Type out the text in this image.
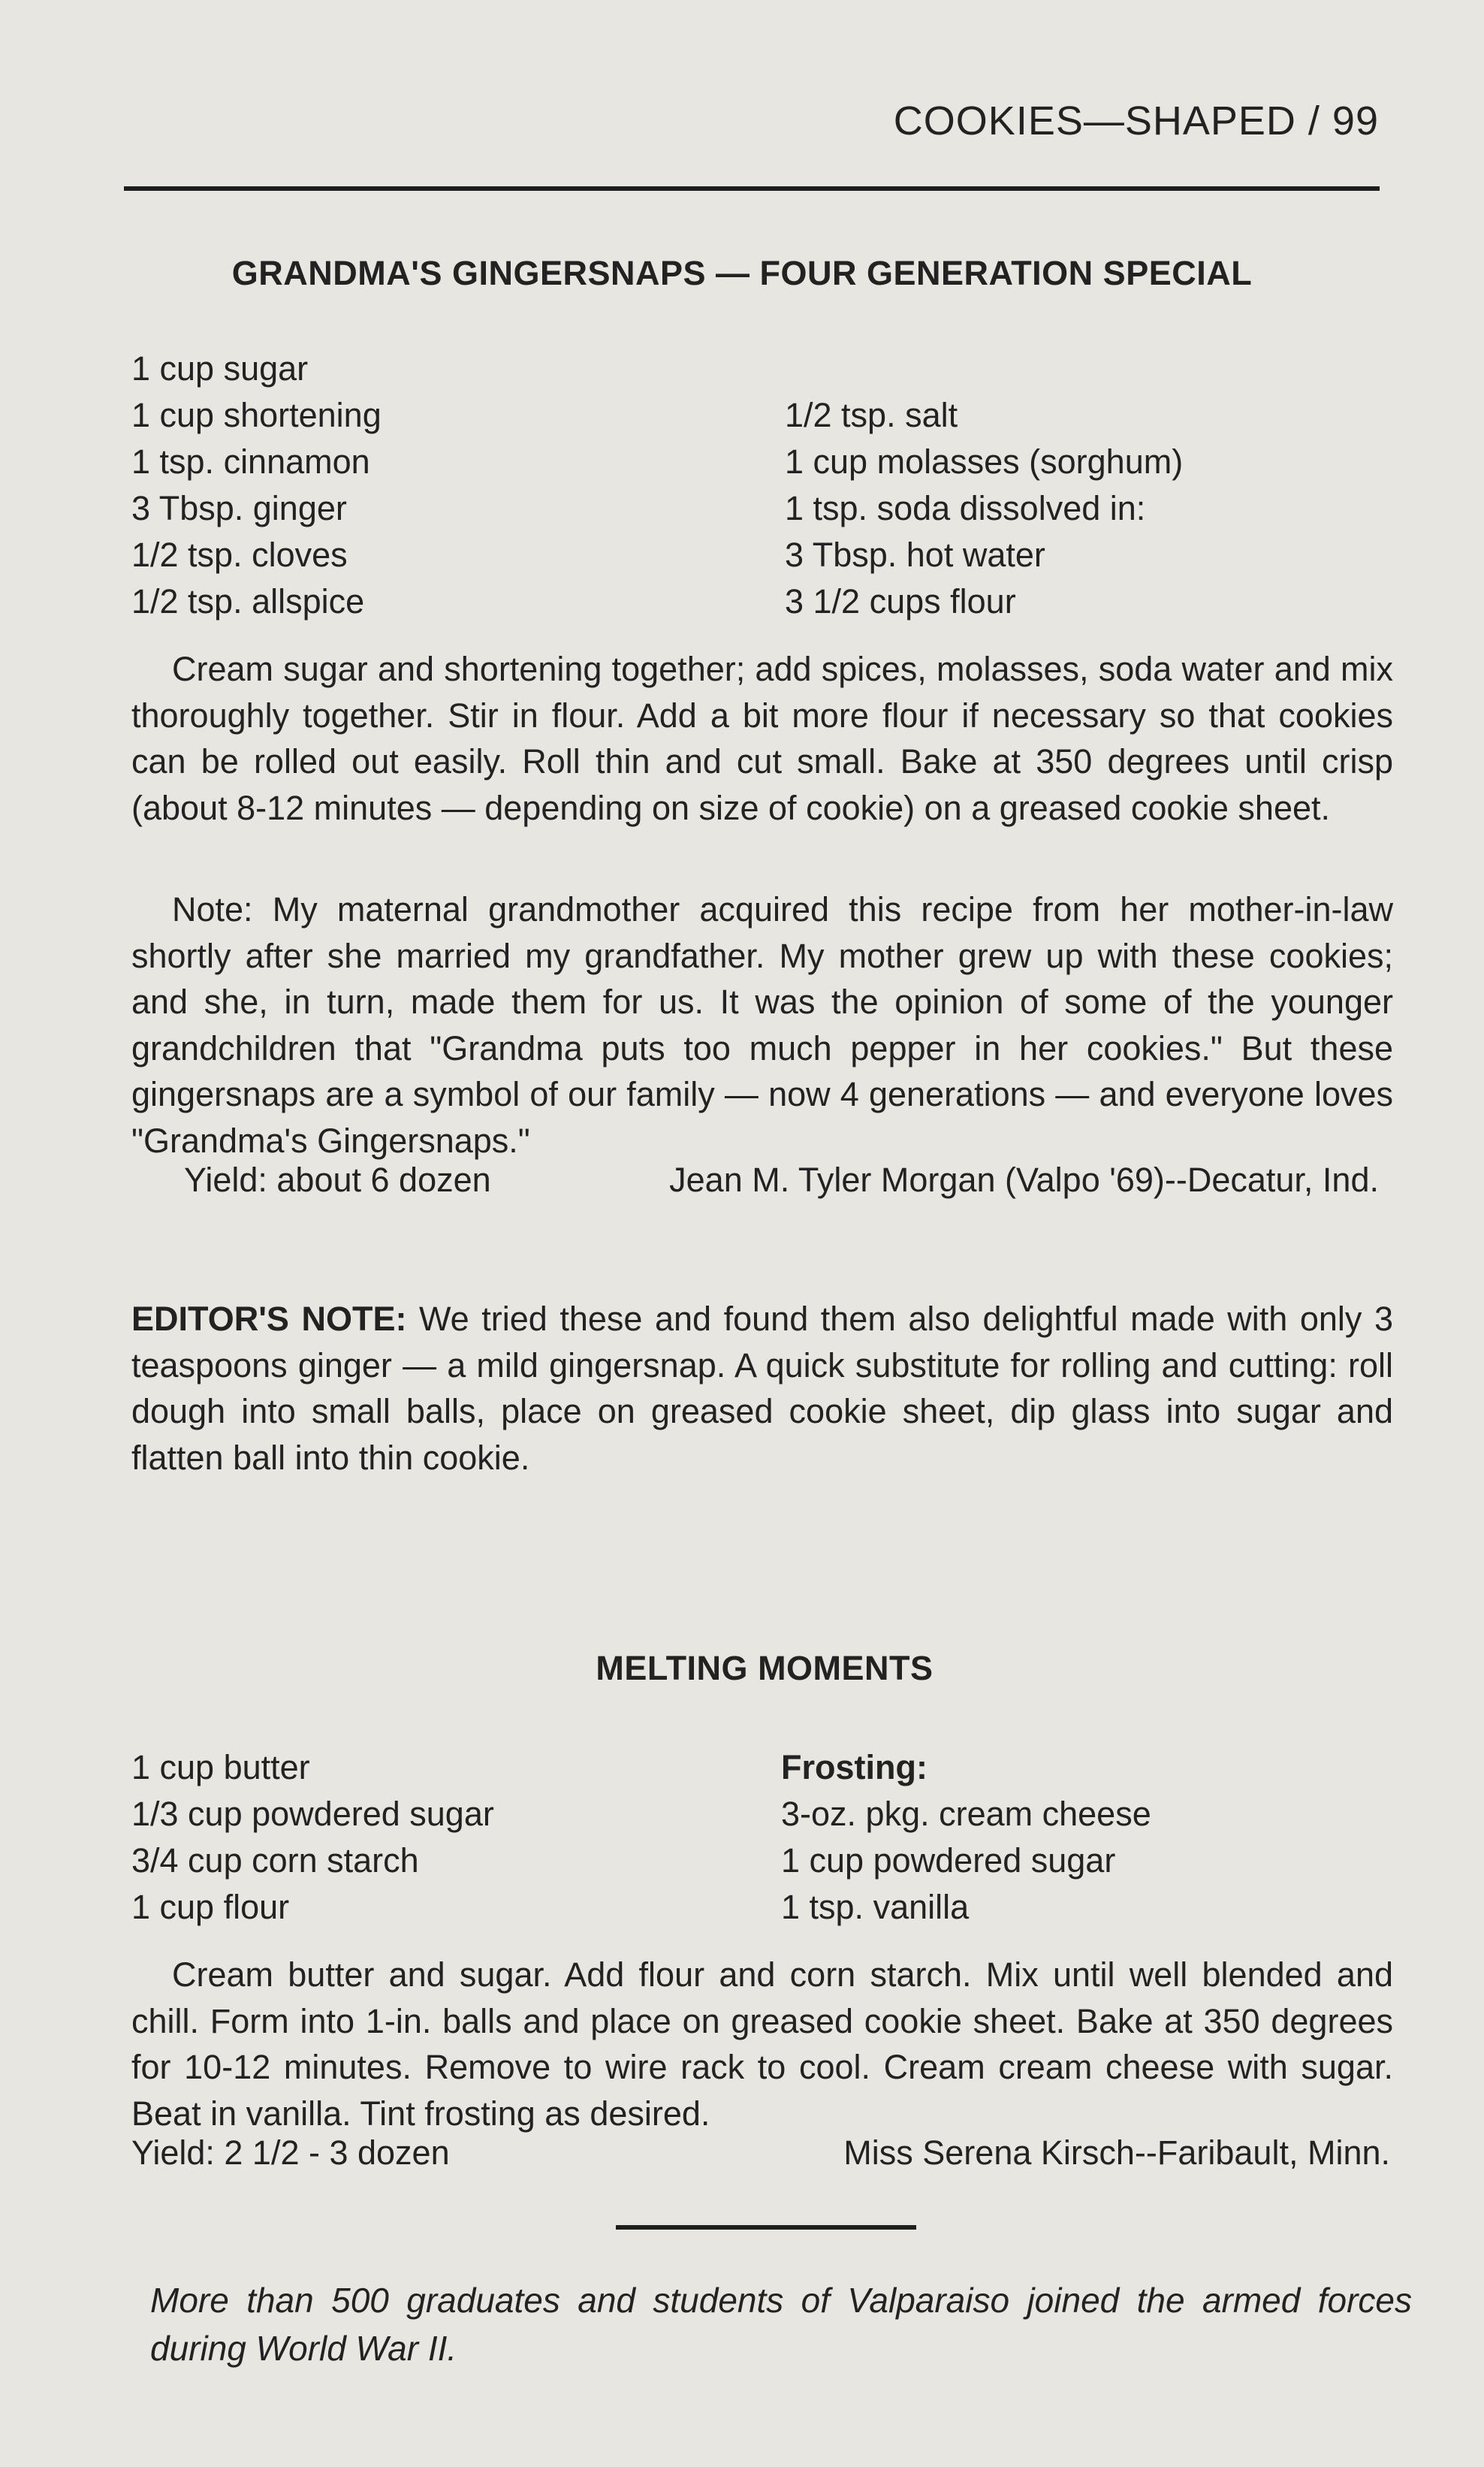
COOKIES—SHAPED / 99
GRANDMA'S GINGERSNAPS — FOUR GENERATION SPECIAL
1 cup sugar
1 cup shortening
1 tsp. cinnamon
3 Tbsp. ginger
1/2 tsp. cloves
1/2 tsp. allspice
1/2 tsp. salt
1 cup molasses (sorghum)
1 tsp. soda dissolved in:
3 Tbsp. hot water
3 1/2 cups flour

Cream sugar and shortening together; add spices, molasses, soda water and mix thoroughly together. Stir in flour. Add a bit more flour if necessary so that cookies can be rolled out easily. Roll thin and cut small. Bake at 350 degrees until crisp (about 8-12 minutes — depending on size of cookie) on a greased cookie sheet.

Note: My maternal grandmother acquired this recipe from her mother-in-law shortly after she married my grandfather. My mother grew up with these cookies; and she, in turn, made them for us. It was the opinion of some of the younger grandchildren that "Grandma puts too much pepper in her cookies." But these gingersnaps are a symbol of our family — now 4 generations — and everyone loves "Grandma's Gingersnaps."

Yield: about 6 dozen	Jean M. Tyler Morgan (Valpo '69)--Decatur, Ind.

EDITOR'S NOTE: We tried these and found them also delightful made with only 3 teaspoons ginger — a mild gingersnap. A quick substitute for rolling and cutting: roll dough into small balls, place on greased cookie sheet, dip glass into sugar and flatten ball into thin cookie.

MELTING MOMENTS
1 cup butter
1/3 cup powdered sugar
3/4 cup corn starch
1 cup flour
Frosting:
3-oz. pkg. cream cheese
1 cup powdered sugar
1 tsp. vanilla

Cream butter and sugar. Add flour and corn starch. Mix until well blended and chill. Form into 1-in. balls and place on greased cookie sheet. Bake at 350 degrees for 10-12 minutes. Remove to wire rack to cool. Cream cream cheese with sugar. Beat in vanilla. Tint frosting as desired.

Yield: 2 1/2 - 3 dozen	Miss Serena Kirsch--Faribault, Minn.

More than 500 graduates and students of Valparaiso joined the armed forces during World War II.
